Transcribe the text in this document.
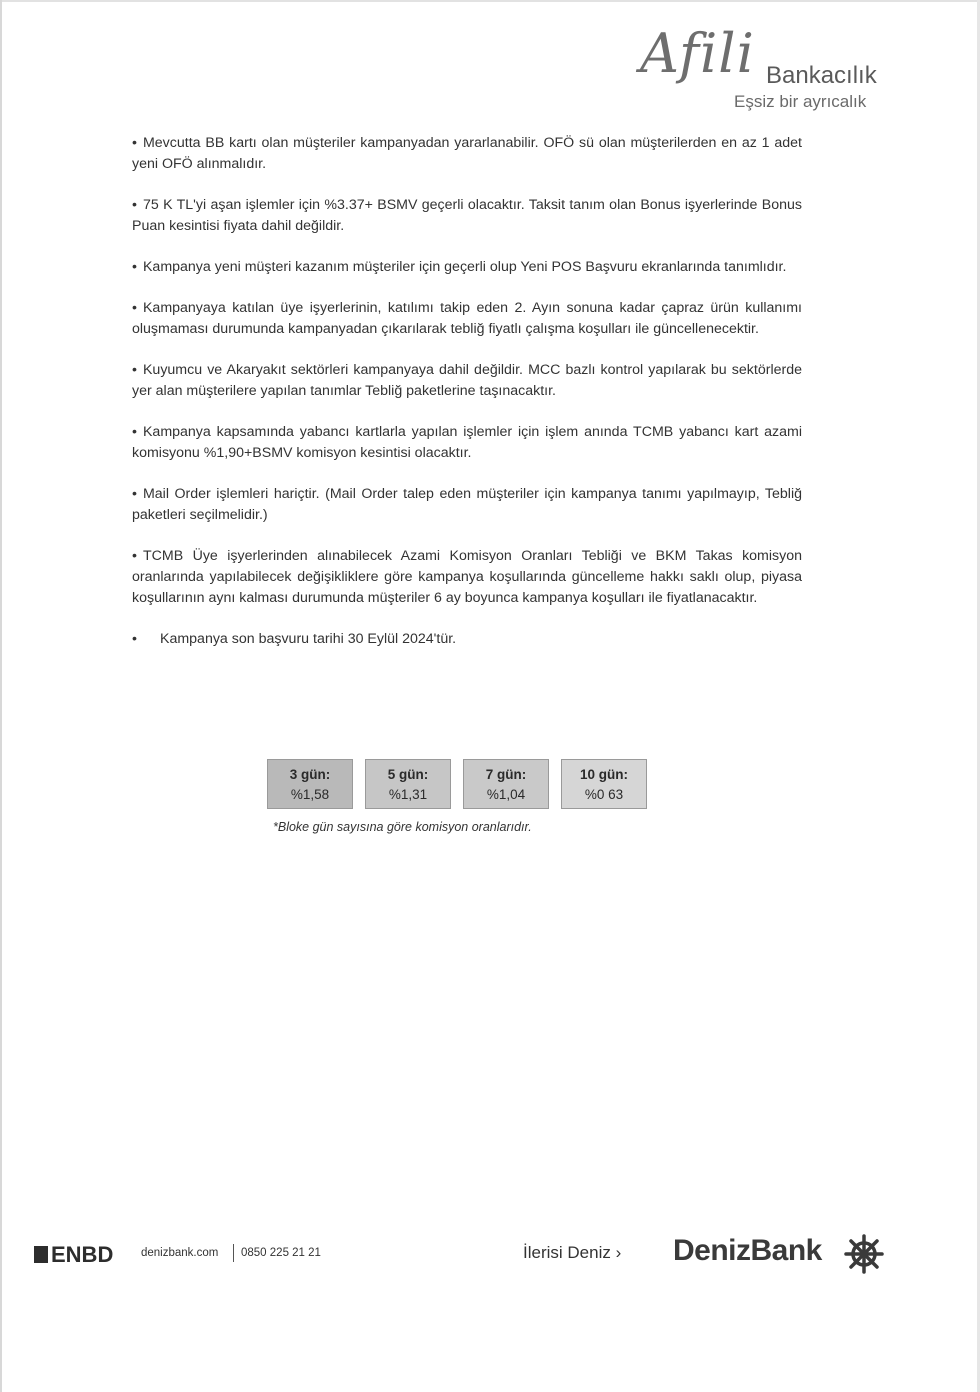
Afili Bankacılık
Eşsiz bir ayrıcalık

• Mevcutta BB kartı olan müşteriler kampanyadan yararlanabilir. OFÖ sü olan müşterilerden en az 1 adet yeni OFÖ alınmalıdır.

• 75 K TL'yi aşan işlemler için %3.37+ BSMV geçerli olacaktır. Taksit tanım olan Bonus işyerlerinde Bonus Puan kesintisi fiyata dahil değildir.

• Kampanya yeni müşteri kazanım müşteriler için geçerli olup Yeni POS Başvuru ekranlarında tanımlıdır.

• Kampanyaya katılan üye işyerlerinin, katılımı takip eden 2. Ayın sonuna kadar çapraz ürün kullanımı oluşmaması durumunda kampanyadan çıkarılarak tebliğ fiyatlı çalışma koşulları ile güncellenecektir.

• Kuyumcu ve Akaryakıt sektörleri kampanyaya dahil değildir. MCC bazlı kontrol yapılarak bu sektörlerde yer alan müşterilere yapılan tanımlar Tebliğ paketlerine taşınacaktır.

• Kampanya kapsamında yabancı kartlarla yapılan işlemler için işlem anında TCMB yabancı kart azami komisyonu %1,90+BSMV komisyon kesintisi olacaktır.

• Mail Order işlemleri hariçtir. (Mail Order talep eden müşteriler için kampanya tanımı yapılmayıp, Tebliğ paketleri seçilmelidir.)

• TCMB Üye işyerlerinden alınabilecek Azami Komisyon Oranları Tebliği ve BKM Takas komisyon oranlarında yapılabilecek değişikliklere göre kampanya koşullarında güncelleme hakkı saklı olup, piyasa koşullarının aynı kalması durumunda müşteriler 6 ay boyunca kampanya koşulları ile fiyatlanacaktır.

•	Kampanya son başvuru tarihi 30 Eylül 2024'tür.
3 gün:
%1,58
5 gün:
%1,31
7 gün:
%1,04
10 gün:
%0 63
*Bloke gün sayısına göre komisyon oranlarıdır.
ENBD denizbank.com 0850 225 21 21	İlerisi Deniz › DenizBank
